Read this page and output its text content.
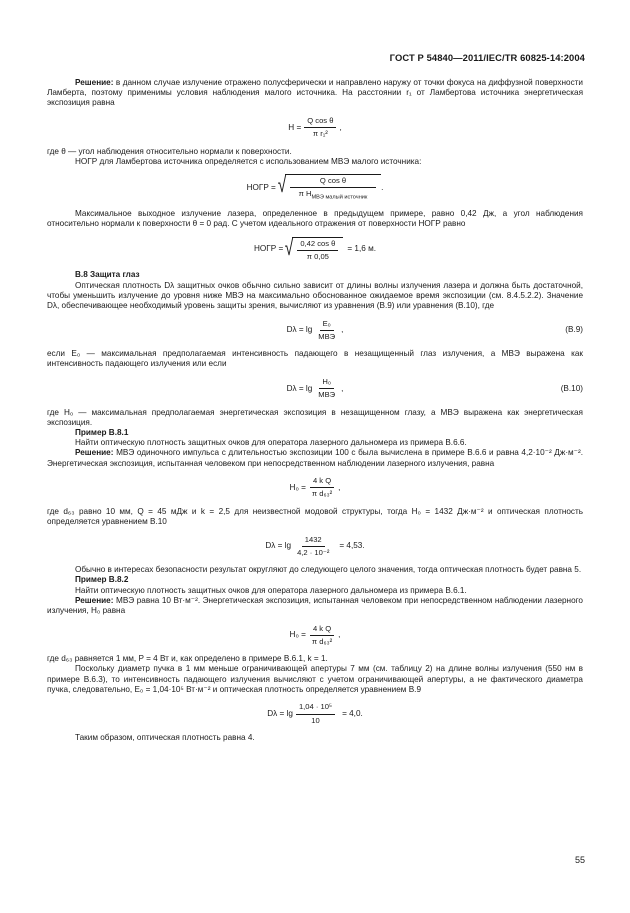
ГОСТ Р 54840—2011/IEC/TR 60825-14:2004

Решение: в данном случае излучение отражено полусферически и направлено наружу от точки фокуса на диффузной поверхности Ламберта, поэтому применимы условия наблюдения малого источника. На расстоянии r₁ от Ламбертова источника энергетическая экспозиция равна

$H = \frac{\text{Q cos θ}}{\text{π r₁²}}$ ,

где θ — угол наблюдения относительно нормали к поверхности.

НОГР для Ламбертова источника определяется с использованием МВЭ малого источника:

НОГР = √ $\frac{\text{Q cos θ}}{\pi H_{МВЭ малый источник}}$ .

Максимальное выходное излучение лазера, определенное в предыдущем примере, равно 0,42 Дж, а угол наблюдения относительно нормали к поверхности θ = 0 рад. С учетом идеального отражения от поверхности НОГР равно

НОГР = √ $\frac{\text{0,42 cos θ}}{\pi 0,05} = 1,6$ м.
B.8 Защита глаз

Оптическая плотность Dλ защитных очков обычно сильно зависит от длины волны излучения лазера и должна быть достаточной, чтобы уменьшить излучение до уровня ниже МВЭ на максимально обоснованное ожидаемое время экспозиции (см. 8.4.5.2.2). Значение Dλ, обеспечивающее необходимый уровень защиты зрения, вычисляют из уравнения (B.9) или уравнения (B.10), где

$D\lambda = \lg \frac{\text{E₀}}{\text{МВЭ}}$ ,	(B.9)

если E₀ — максимальная предполагаемая интенсивность падающего в незащищенный глаз излучения, а МВЭ выражена как интенсивность падающего излучения или если

$D\lambda = \lg \frac{\text{H₀}}{\text{МВЭ}}$ ,	(B.10)

где H₀ — максимальная предполагаемая энергетическая экспозиция в незащищенном глазу, а МВЭ выражена как энергетическая экспозиция.

Пример B.8.1

Найти оптическую плотность защитных очков для оператора лазерного дальномера из примера B.6.6.

Решение: МВЭ одиночного импульса с длительностью экспозиции 100 с была вычислена в примере B.6.6 и равна 4,2·10⁻² Дж·м⁻². Энергетическая экспозиция, испытанная человеком при непосредственном наблюдении лазерного излучения, равна

$H_0 = \frac{\text{4 k Q}}{\text{π d₆₃²}}$ ,

где d₆₃ равно 10 мм, Q = 45 мДж и k = 2,5 для неизвестной модовой структуры, тогда H₀ = 1432 Дж·м⁻² и оптическая плотность определяется уравнением B.10

$D\lambda = \lg \frac{1432}{\text{4,2 · 10⁻²}} = 4,53$.

Обычно в интересах безопасности результат округляют до следующего целого значения, тогда оптическая плотность будет равна 5.

Пример B.8.2

Найти оптическую плотность защитных очков для оператора лазерного дальномера из примера B.6.1.

Решение: МВЭ равна 10 Вт·м⁻². Энергетическая экспозиция, испытанная человеком при непосредственном наблюдении лазерного излучения, H₀ равна

$H_0 = \frac{\text{4 k Q}}{\text{π d₆₃²}}$ ,

где d₆₃ равняется 1 мм, P = 4 Вт и, как определено в примере B.6.1, k = 1.

Поскольку диаметр пучка в 1 мм меньше ограничивающей апертуры 7 мм (см. таблицу 2) на длине волны излучения (550 нм в примере B.6.3), то интенсивность падающего излучения вычисляют с учетом ограничивающей апертуры, а не фактического диаметра пучка, следовательно, E₀ = 1,04·10⁵ Вт·м⁻² и оптическая плотность определяется уравнением B.9

$D\lambda = \lg \frac{\text{1,04 · 10⁵}}{10} = 4,0$.

Таким образом, оптическая плотность равна 4.

55
